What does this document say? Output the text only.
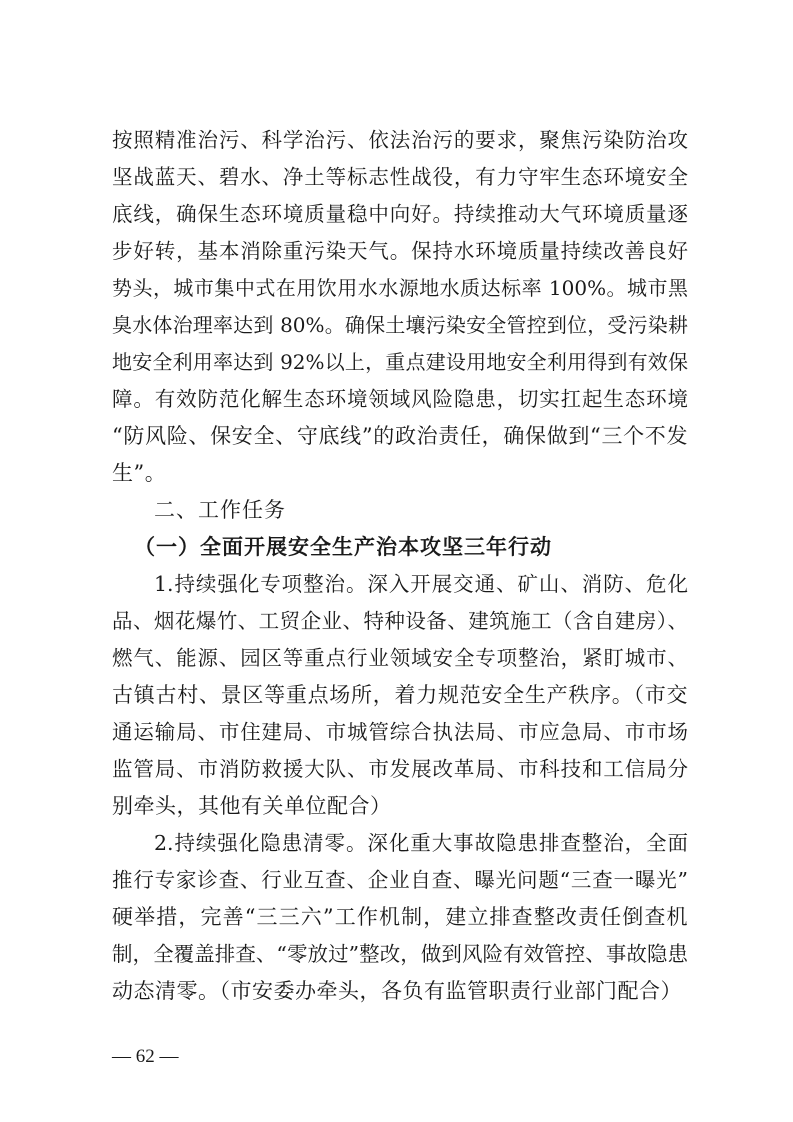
按照精准治污、科学治污、依法治污的要求，聚焦污染防治攻
坚战蓝天、碧水、净土等标志性战役，有力守牢生态环境安全
底线，确保生态环境质量稳中向好。持续推动大气环境质量逐
步好转，基本消除重污染天气。保持水环境质量持续改善良好
势头，城市集中式在用饮用水水源地水质达标率 100%。城市黑
臭水体治理率达到 80%。确保土壤污染安全管控到位，受污染耕
地安全利用率达到 92%以上，重点建设用地安全利用得到有效保
障。有效防范化解生态环境领域风险隐患，切实扛起生态环境
“防风险、保安全、守底线”的政治责任，确保做到“三个不发
生”。
二、工作任务
（一）全面开展安全生产治本攻坚三年行动
1.持续强化专项整治。深入开展交通、矿山、消防、危化
品、烟花爆竹、工贸企业、特种设备、建筑施工（含自建房）、
燃气、能源、园区等重点行业领域安全专项整治，紧盯城市、
古镇古村、景区等重点场所，着力规范安全生产秩序。（市交
通运输局、市住建局、市城管综合执法局、市应急局、市市场
监管局、市消防救援大队、市发展改革局、市科技和工信局分
别牵头，其他有关单位配合）
2.持续强化隐患清零。深化重大事故隐患排查整治，全面
推行专家诊查、行业互查、企业自查、曝光问题“三查一曝光”
硬举措，完善“三三六”工作机制，建立排查整改责任倒查机
制，全覆盖排查、“零放过”整改，做到风险有效管控、事故隐患
动态清零。（市安委办牵头，各负有监管职责行业部门配合）
— 62 —
